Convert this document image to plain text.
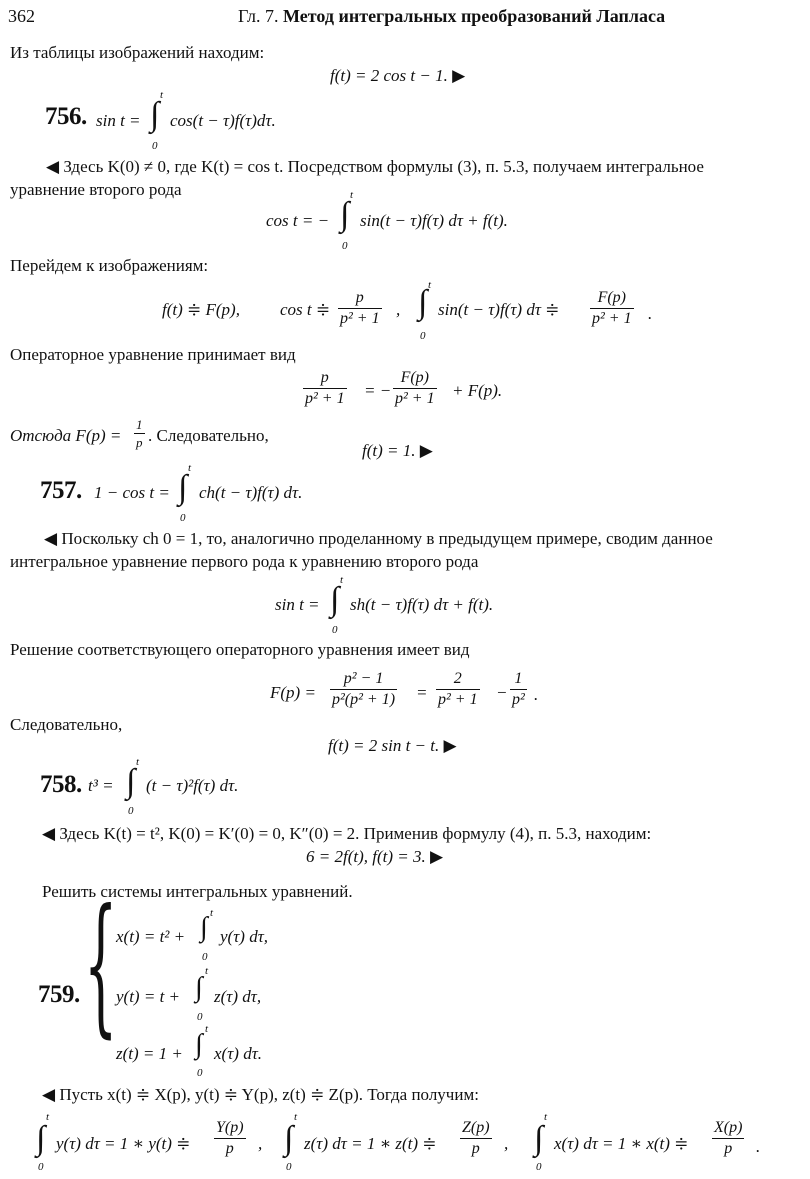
362	Гл. 7. Метод интегральных преобразований Лапласа
Из таблицы изображений находим:
f(t) = 2 cos t − 1. ▶
756. sin t = ∫
t
0
cos(t − τ)f(τ)dτ.
◀ Здесь K(0) ≠ 0, где K(t) = cos t. Посредством формулы (3), п. 5.3, получаем интегральное
уравнение второго рода
cos t = − ∫
t
0
sin(t − τ)f(τ) dτ + f(t).
Перейдем к изображениям:
f(t) ≑ F(p), cos t ≑ $\frac{p}{\text{p² + 1}}$ , ∫ t
0
sin(t − τ)f(τ) dτ ≑ $\frac{F(p)}{\text{p² + 1}}$ .
Операторное уравнение принимает вид
$\frac{p}{\text{p² + 1}}$ = − $\frac{F(p)}{\text{p² + 1}} + F(p)$.
Отсюда $F(p) = \frac{1}{p}$ . Следовательно,
f(t) = 1. ▶
757. 1 − cos t = ∫
t
0
ch(t − τ)f(τ) dτ.
◀ Поскольку ch 0 = 1, то, аналогично проделанному в предыдущем примере, сводим данное
интегральное уравнение первого рода к уравнению второго рода
sin t = ∫
t
0
sh(t − τ)f(τ) dτ + f(t).
Решение соответствующего операторного уравнения имеет вид
$F(p) = \frac{\text{p² − 1}}{\text{p²(p² + 1)}} = \frac{2}{\text{p² + 1}} - \frac{1}{\text{p²}}$ .
Следовательно,
f(t) = 2 sin t − t. ▶
758. t³ = ∫
t
0
(t − τ)²f(τ) dτ.
◀ Здесь K(t) = t², K(0) = K′(0) = 0, K″(0) = 2. Применив формулу (4), п. 5.3, находим:
6 = 2f(t), f(t) = 3. ▶
Решить системы интегральных уравнений.
759. {
x(t) = t² + ∫ t
0
y(τ) dτ,
y(t) = t + ∫
t
0
z(τ) dτ,
z(t) = 1 + ∫ t
0
x(τ) dτ.
◀ Пусть x(t) ≑ X(p), y(t) ≑ Y(p), z(t) ≑ Z(p). Тогда получим:
∫
t
0
y(τ) dτ = 1 ∗ y(t) ≑ $\frac{Y(p)}{p}$ , ∫
t
0
z(τ) dτ = 1 ∗ z(t) ≑ $\frac{Z(p)}{p}$ , ∫
t
0
x(τ) dτ = 1 ∗ x(t) ≑ $\frac{X(p)}{p}$ .
